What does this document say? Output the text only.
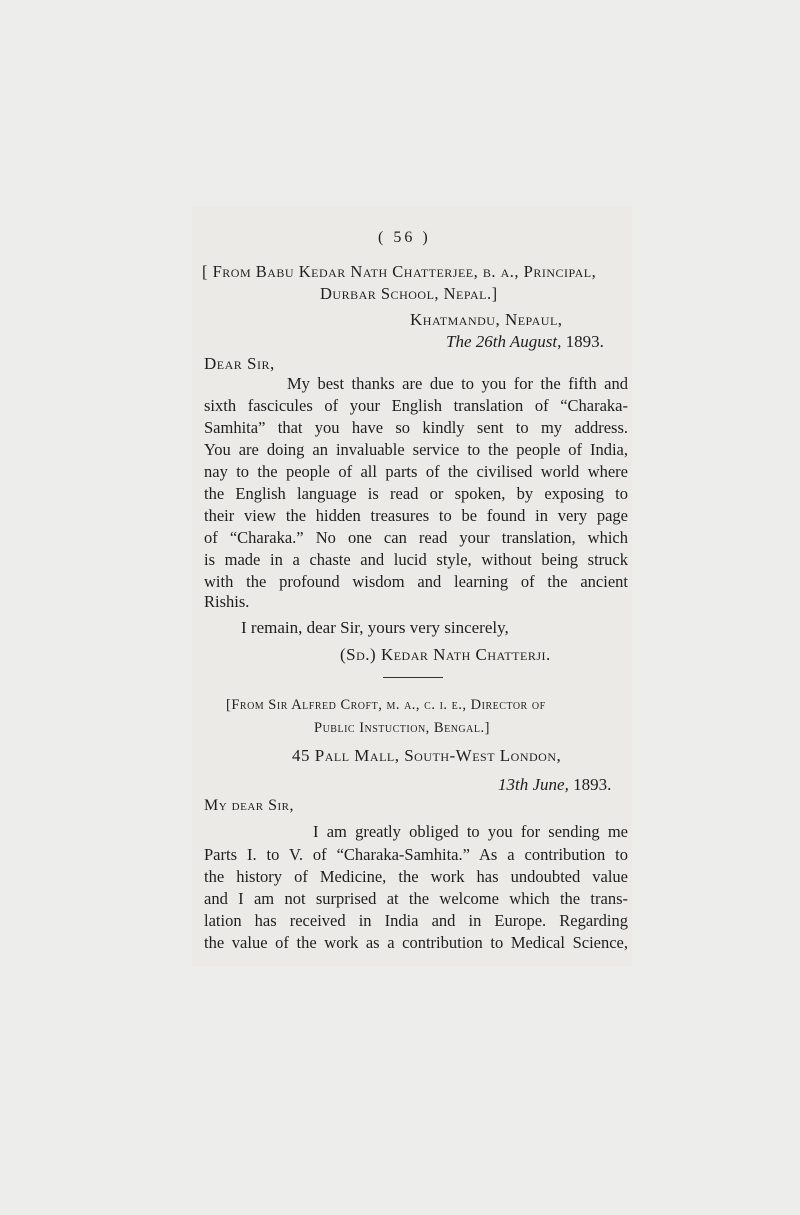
( 56 )
[ From Babu Kedar Nath Chatterjee, b. a., Principal,
Durbar School, Nepal.]
Khatmandu, Nepaul,
The 26th August, 1893.
Dear Sir,
My best thanks are due to you for the fifth and
sixth fascicules of your English translation of “Charaka-
Samhita” that you have so kindly sent to my address.
You are doing an invaluable service to the people of India,
nay to the people of all parts of the civilised world where
the English language is read or spoken, by exposing to
their view the hidden treasures to be found in very page
of “Charaka.” No one can read your translation, which
is made in a chaste and lucid style, without being struck
with the profound wisdom and learning of the ancient
Rishis.
I remain, dear Sir, yours very sincerely,
(Sd.) Kedar Nath Chatterji.
[From Sir Alfred Croft, m. a., c. i. e., Director of
Public Instuction, Bengal.]
45 Pall Mall, South-West London,
13th June, 1893.
My dear Sir,
I am greatly obliged to you for sending me
Parts I. to V. of “Charaka-Samhita.” As a contribution to
the history of Medicine, the work has undoubted value
and I am not surprised at the welcome which the trans-
lation has received in India and in Europe. Regarding
the value of the work as a contribution to Medical Science,
